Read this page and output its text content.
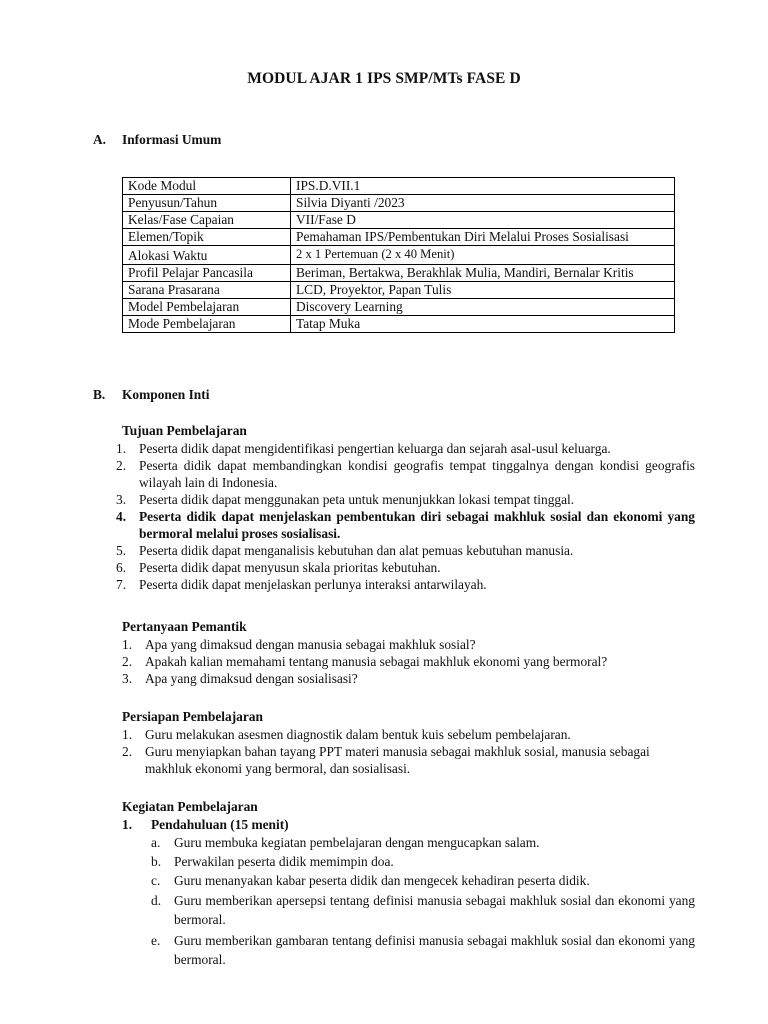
MODUL AJAR 1 IPS SMP/MTs FASE D
A. Informasi Umum
Kode Modul	IPS.D.VII.1
Penyusun/Tahun	Silvia Diyanti /2023
Kelas/Fase Capaian	VII/Fase D
Elemen/Topik	Pemahaman IPS/Pembentukan Diri Melalui Proses Sosialisasi
Alokasi Waktu	2 x 1 Pertemuan (2 x 40 Menit)
Profil Pelajar Pancasila	Beriman, Bertakwa, Berakhlak Mulia, Mandiri, Bernalar Kritis
Sarana Prasarana	LCD, Proyektor, Papan Tulis
Model Pembelajaran	Discovery Learning
Mode Pembelajaran	Tatap Muka
B. Komponen Inti
Tujuan Pembelajaran
1. Peserta didik dapat mengidentifikasi pengertian keluarga dan sejarah asal-usul keluarga.
2. Peserta didik dapat membandingkan kondisi geografis tempat tinggalnya dengan kondisi geografis wilayah lain di Indonesia.
3. Peserta didik dapat menggunakan peta untuk menunjukkan lokasi tempat tinggal.
4. Peserta didik dapat menjelaskan pembentukan diri sebagai makhluk sosial dan ekonomi yang bermoral melalui proses sosialisasi.
5. Peserta didik dapat menganalisis kebutuhan dan alat pemuas kebutuhan manusia.
6. Peserta didik dapat menyusun skala prioritas kebutuhan.
7. Peserta didik dapat menjelaskan perlunya interaksi antarwilayah.
Pertanyaan Pemantik
1. Apa yang dimaksud dengan manusia sebagai makhluk sosial?
2. Apakah kalian memahami tentang manusia sebagai makhluk ekonomi yang bermoral?
3. Apa yang dimaksud dengan sosialisasi?
Persiapan Pembelajaran
1. Guru melakukan asesmen diagnostik dalam bentuk kuis sebelum pembelajaran.
2. Guru menyiapkan bahan tayang PPT materi manusia sebagai makhluk sosial, manusia sebagai makhluk ekonomi yang bermoral, dan sosialisasi.
Kegiatan Pembelajaran
1. Pendahuluan (15 menit)
a. Guru membuka kegiatan pembelajaran dengan mengucapkan salam.
b. Perwakilan peserta didik memimpin doa.
c. Guru menanyakan kabar peserta didik dan mengecek kehadiran peserta didik.
d. Guru memberikan apersepsi tentang definisi manusia sebagai makhluk sosial dan ekonomi yang bermoral.
e. Guru memberikan gambaran tentang definisi manusia sebagai makhluk sosial dan ekonomi yang bermoral.
